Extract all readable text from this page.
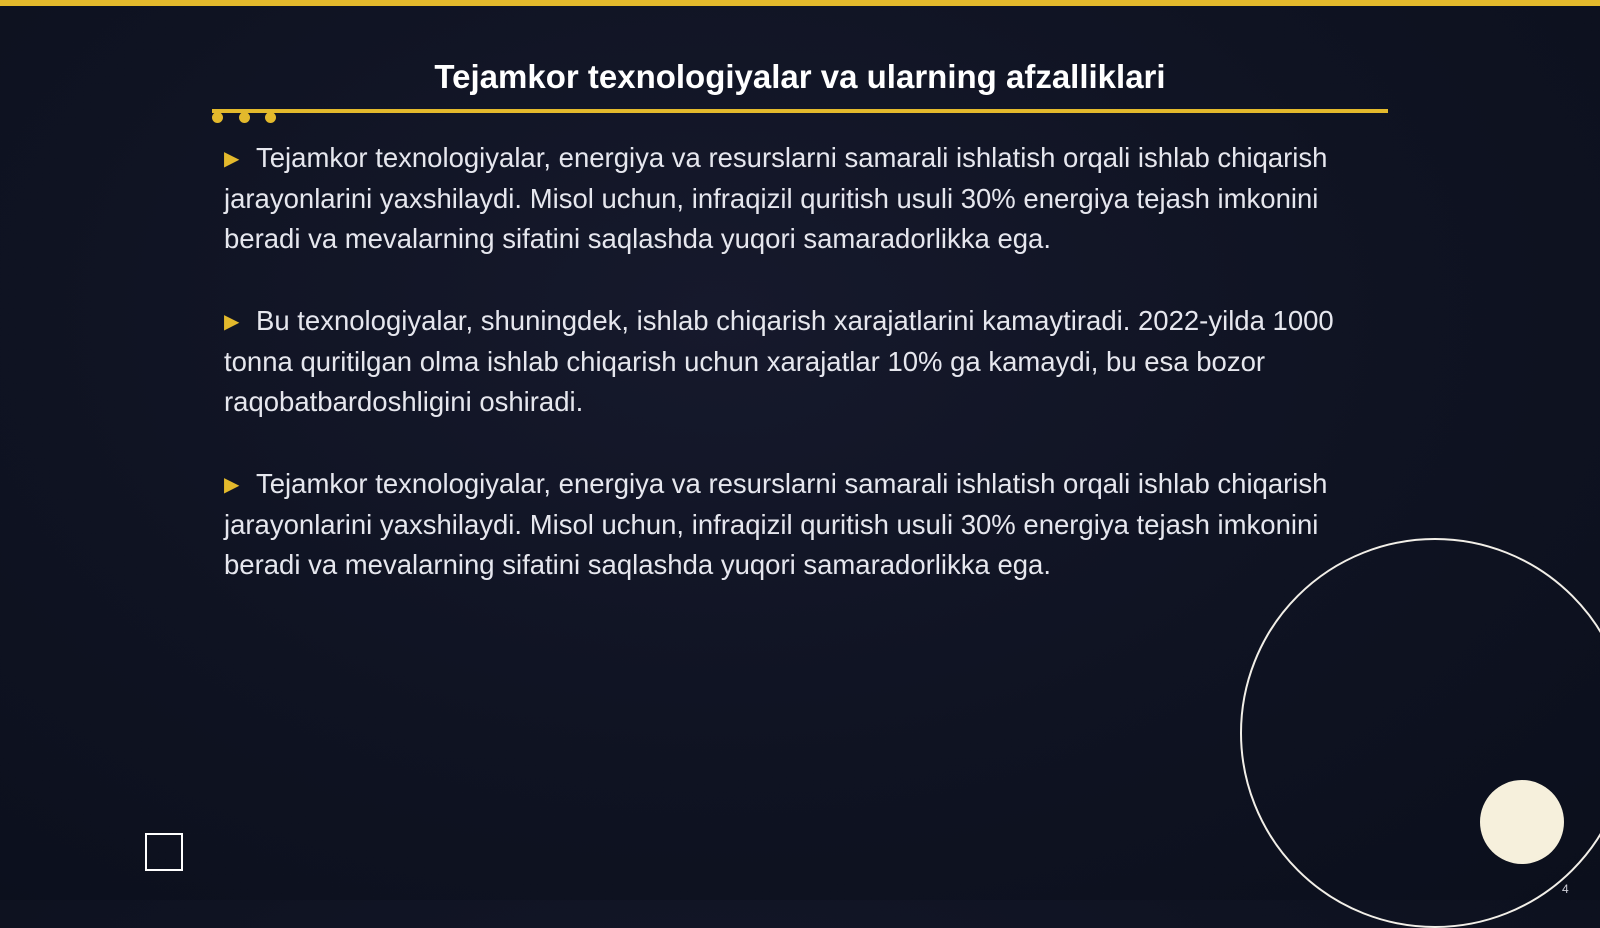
Tejamkor texnologiyalar va ularning afzalliklari

▶ Tejamkor texnologiyalar, energiya va resurslarni samarali ishlatish orqali ishlab chiqarish jarayonlarini yaxshilaydi. Misol uchun, infraqizil quritish usuli 30% energiya tejash imkonini beradi va mevalarning sifatini saqlashda yuqori samaradorlikka ega.

▶ Bu texnologiyalar, shuningdek, ishlab chiqarish xarajatlarini kamaytiradi. 2022-yilda 1000 tonna quritilgan olma ishlab chiqarish uchun xarajatlar 10% ga kamaydi, bu esa bozor raqobatbardoshligini oshiradi.

▶ Tejamkor texnologiyalar, energiya va resurslarni samarali ishlatish orqali ishlab chiqarish jarayonlarini yaxshilaydi. Misol uchun, infraqizil quritish usuli 30% energiya tejash imkonini beradi va mevalarning sifatini saqlashda yuqori samaradorlikka ega.

4
